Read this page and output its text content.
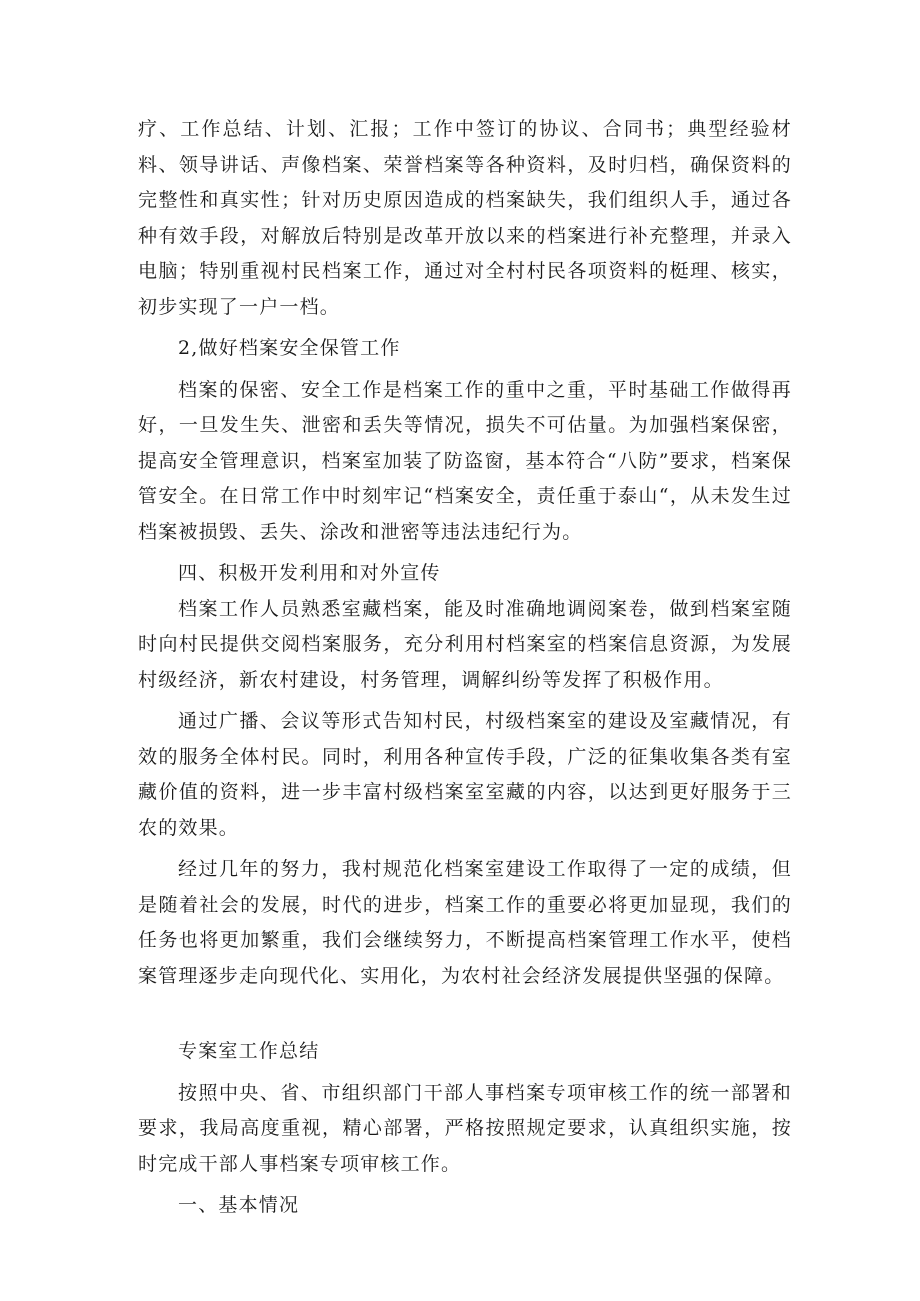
疗、工作总结、计划、汇报；工作中签订的协议、合同书；典型经验材料、领导讲话、声像档案、荣誉档案等各种资料，及时归档，确保资料的完整性和真实性；针对历史原因造成的档案缺失，我们组织人手，通过各种有效手段，对解放后特别是改革开放以来的档案进行补充整理，并录入电脑；特别重视村民档案工作，通过对全村村民各项资料的梃理、核实，初步实现了一户一档。

2,做好档案安全保管工作

档案的保密、安全工作是档案工作的重中之重，平时基础工作做得再好，一旦发生失、泄密和丢失等情况，损失不可估量。为加强档案保密，提高安全管理意识，档案室加装了防盗窗，基本符合“八防”要求，档案保管安全。在日常工作中时刻牢记“档案安全，责任重于泰山“，从未发生过档案被损毁、丢失、涂改和泄密等违法违纪行为。

四、积极开发利用和对外宣传

档案工作人员熟悉室藏档案，能及时准确地调阅案卷，做到档案室随时向村民提供交阅档案服务，充分利用村档案室的档案信息资源，为发展村级经济，新农村建设，村务管理，调解纠纷等发挥了积极作用。

通过广播、会议等形式告知村民，村级档案室的建设及室藏情况，有效的服务全体村民。同时，利用各种宣传手段，广泛的征集收集各类有室藏价值的资料，进一步丰富村级档案室室藏的内容，以达到更好服务于三农的效果。

经过几年的努力，我村规范化档案室建设工作取得了一定的成绩，但是随着社会的发展，时代的进步，档案工作的重要必将更加显现，我们的任务也将更加繁重，我们会继续努力，不断提高档案管理工作水平，使档案管理逐步走向现代化、实用化，为农村社会经济发展提供坚强的保障。

专案室工作总结

按照中央、省、市组织部门干部人事档案专项审核工作的统一部署和要求，我局高度重视，精心部署，严格按照规定要求，认真组织实施，按时完成干部人事档案专项审核工作。

一、基本情况
